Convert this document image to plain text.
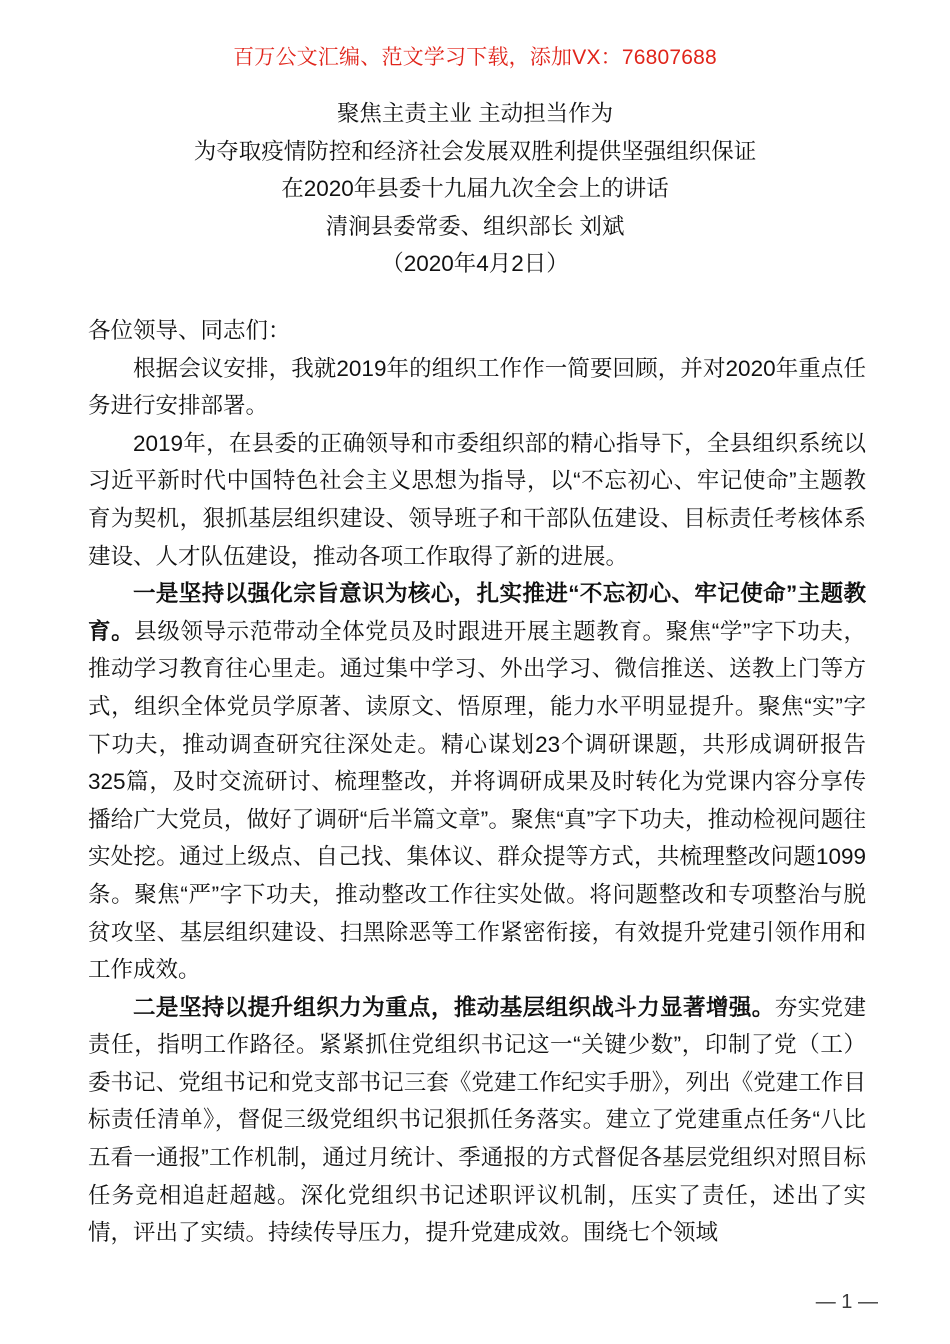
百万公文汇编、范文学习下载，添加VX：76807688
聚焦主责主业 主动担当作为
为夺取疫情防控和经济社会发展双胜利提供坚强组织保证
在2020年县委十九届九次全会上的讲话
清涧县委常委、组织部长 刘斌
（2020年4月2日）

各位领导、同志们：

根据会议安排，我就2019年的组织工作作一简要回顾，并对2020年重点任务进行安排部署。

2019年，在县委的正确领导和市委组织部的精心指导下，全县组织系统以习近平新时代中国特色社会主义思想为指导，以“不忘初心、牢记使命”主题教育为契机，狠抓基层组织建设、领导班子和干部队伍建设、目标责任考核体系建设、人才队伍建设，推动各项工作取得了新的进展。

一是坚持以强化宗旨意识为核心，扎实推进“不忘初心、牢记使命”主题教育。县级领导示范带动全体党员及时跟进开展主题教育。聚焦“学”字下功夫，推动学习教育往心里走。通过集中学习、外出学习、微信推送、送教上门等方式，组织全体党员学原著、读原文、悟原理，能力水平明显提升。聚焦“实”字下功夫，推动调查研究往深处走。精心谋划23个调研课题，共形成调研报告325篇，及时交流研讨、梳理整改，并将调研成果及时转化为党课内容分享传播给广大党员，做好了调研“后半篇文章”。聚焦“真”字下功夫，推动检视问题往实处挖。通过上级点、自己找、集体议、群众提等方式，共梳理整改问题1099条。聚焦“严”字下功夫，推动整改工作往实处做。将问题整改和专项整治与脱贫攻坚、基层组织建设、扫黑除恶等工作紧密衔接，有效提升党建引领作用和工作成效。

二是坚持以提升组织力为重点，推动基层组织战斗力显著增强。夯实党建责任，指明工作路径。紧紧抓住党组织书记这一“关键少数”，印制了党（工）委书记、党组书记和党支部书记三套《党建工作纪实手册》，列出《党建工作目标责任清单》，督促三级党组织书记狠抓任务落实。建立了党建重点任务“八比五看一通报”工作机制，通过月统计、季通报的方式督促各基层党组织对照目标任务竞相追赶超越。深化党组织书记述职评议机制，压实了责任，述出了实情，评出了实绩。持续传导压力，提升党建成效。围绕七个领域

— 1 —
